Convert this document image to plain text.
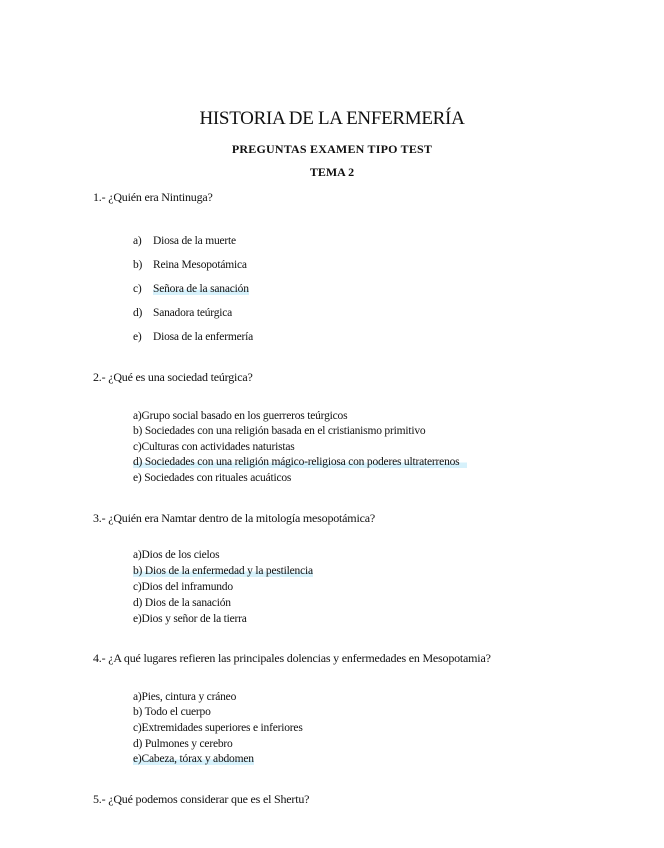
HISTORIA DE LA ENFERMERÍA
PREGUNTAS EXAMEN TIPO TEST
TEMA 2
1.- ¿Quién era Nintinuga?
a) Diosa de la muerte
b) Reina Mesopotámica
c) Señora de la sanación
d) Sanadora teúrgica
e) Diosa de la enfermería
2.- ¿Qué es una sociedad teúrgica?
a)Grupo social basado en los guerreros teúrgicos
b) Sociedades con una religión basada en el cristianismo primitivo
c)Culturas con actividades naturistas
d) Sociedades con una religión mágico-religiosa con poderes ultraterrenos
e) Sociedades con rituales acuáticos
3.- ¿Quién era Namtar dentro de la mitología mesopotámica?
a)Dios de los cielos
b) Dios de la enfermedad y la pestilencia
c)Dios del inframundo
d) Dios de la sanación
e)Dios y señor de la tierra
4.- ¿A qué lugares refieren las principales dolencias y enfermedades en Mesopotamia?
a)Pies, cintura y cráneo
b) Todo el cuerpo
c)Extremidades superiores e inferiores
d) Pulmones y cerebro
e)Cabeza, tórax y abdomen
5.- ¿Qué podemos considerar que es el Shertu?
